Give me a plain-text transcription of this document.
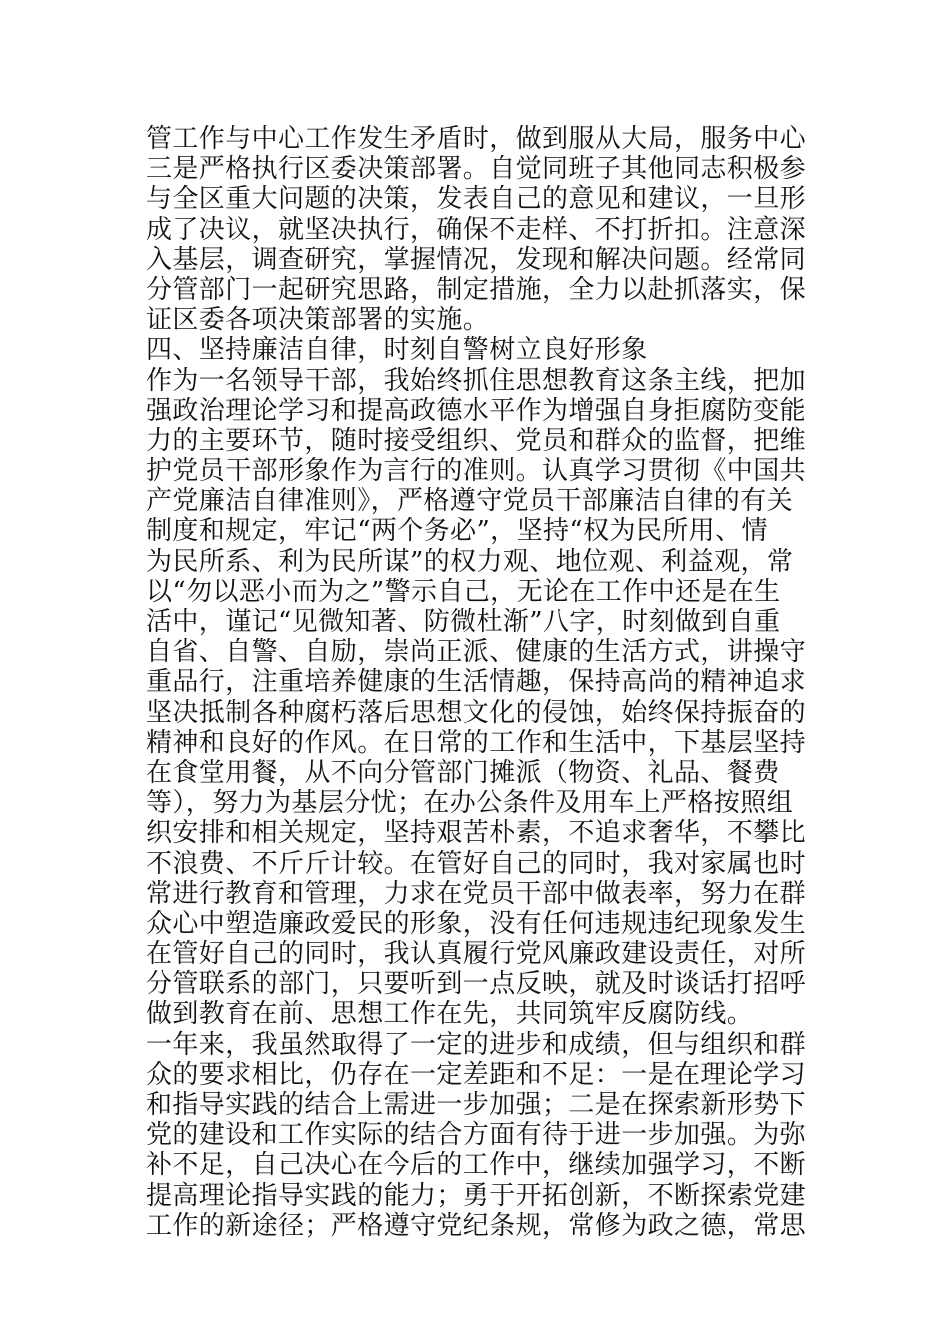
管工作与中心工作发生矛盾时，做到服从大局，服务中心
三是严格执行区委决策部署。自觉同班子其他同志积极参
与全区重大问题的决策，发表自己的意见和建议，一旦形
成了决议，就坚决执行，确保不走样、不打折扣。注意深
入基层，调查研究，掌握情况，发现和解决问题。经常同
分管部门一起研究思路，制定措施，全力以赴抓落实，保
证区委各项决策部署的实施。
四、坚持廉洁自律，时刻自警树立良好形象
作为一名领导干部，我始终抓住思想教育这条主线，把加
强政治理论学习和提高政德水平作为增强自身拒腐防变能
力的主要环节，随时接受组织、党员和群众的监督，把维
护党员干部形象作为言行的准则。认真学习贯彻《中国共
产党廉洁自律准则》，严格遵守党员干部廉洁自律的有关
制度和规定，牢记“两个务必”，坚持“权为民所用、情
为民所系、利为民所谋”的权力观、地位观、利益观，常
以“勿以恶小而为之”警示自己，无论在工作中还是在生
活中，谨记“见微知著、防微杜渐”八字，时刻做到自重
自省、自警、自励，崇尚正派、健康的生活方式，讲操守
重品行，注重培养健康的生活情趣，保持高尚的精神追求
坚决抵制各种腐朽落后思想文化的侵蚀，始终保持振奋的
精神和良好的作风。在日常的工作和生活中，下基层坚持
在食堂用餐，从不向分管部门摊派（物资、礼品、餐费
等），努力为基层分忧；在办公条件及用车上严格按照组
织安排和相关规定，坚持艰苦朴素，不追求奢华，不攀比
不浪费、不斤斤计较。在管好自己的同时，我对家属也时
常进行教育和管理，力求在党员干部中做表率，努力在群
众心中塑造廉政爱民的形象，没有任何违规违纪现象发生
在管好自己的同时，我认真履行党风廉政建设责任，对所
分管联系的部门，只要听到一点反映，就及时谈话打招呼
做到教育在前、思想工作在先，共同筑牢反腐防线。
一年来，我虽然取得了一定的进步和成绩，但与组织和群
众的要求相比，仍存在一定差距和不足：一是在理论学习
和指导实践的结合上需进一步加强；二是在探索新形势下
党的建设和工作实际的结合方面有待于进一步加强。为弥
补不足，自己决心在今后的工作中，继续加强学习，不断
提高理论指导实践的能力；勇于开拓创新，不断探索党建
工作的新途径；严格遵守党纪条规，常修为政之德，常思
